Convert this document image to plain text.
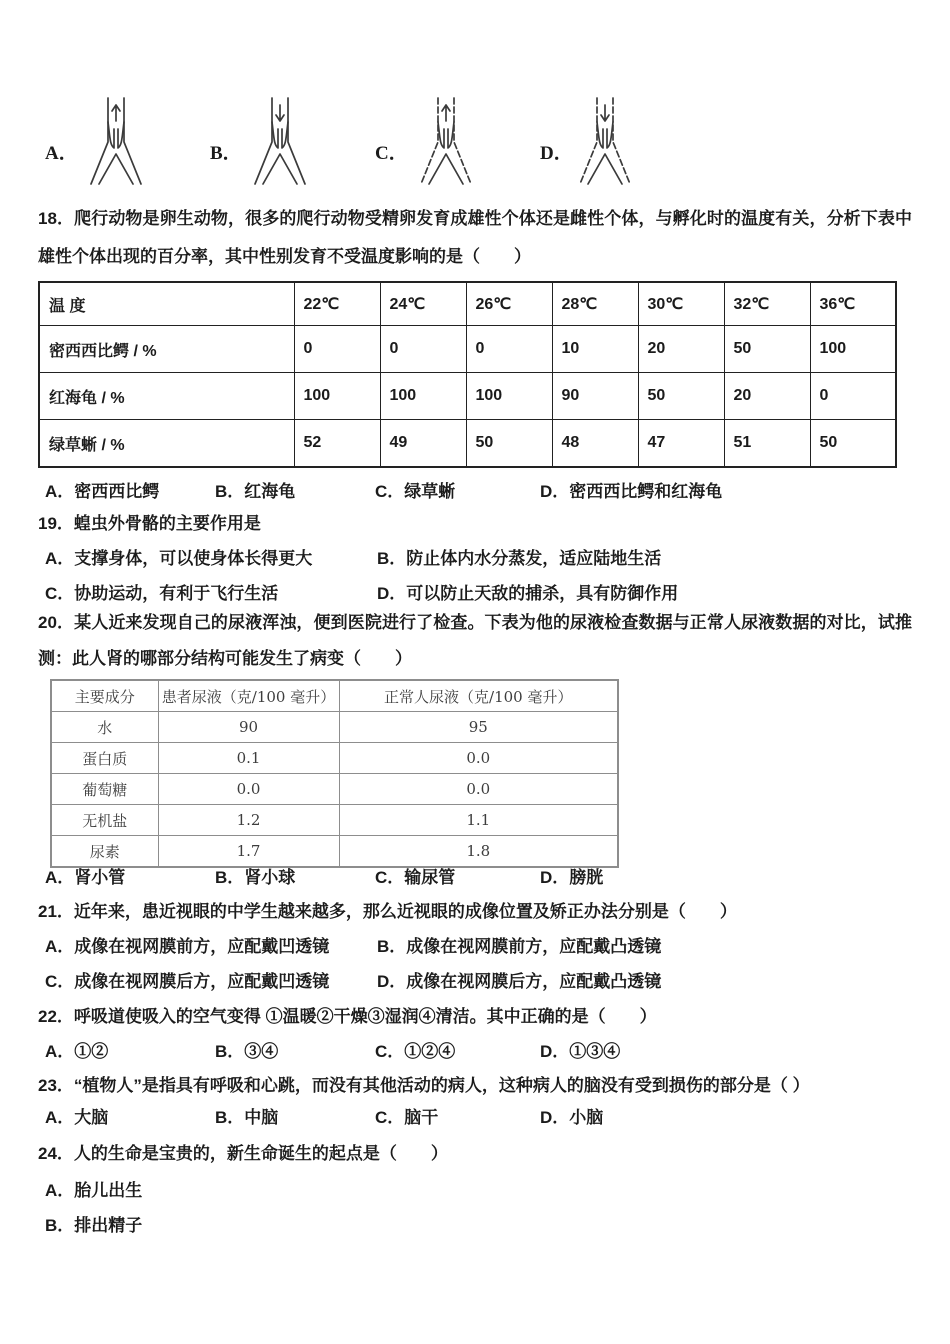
A．	B．	C．	D．
18．爬行动物是卵生动物，很多的爬行动物受精卵发育成雄性个体还是雌性个体，与孵化时的温度有关，分析下表中雄性个体出现的百分率，其中性别发育不受温度影响的是（　　）
温 度	22℃	24℃	26℃	28℃	30℃	32℃	36℃
密西西比鳄 / %	0	0	0	10	20	50	100
红海龟 / %	100	100	100	90	50	20	0
绿草蜥 / %	52	49	50	48	47	51	50
A．密西西比鳄	B．红海龟	C．绿草蜥	D．密西西比鳄和红海龟
19．蝗虫外骨骼的主要作用是
A．支撑身体，可以使身体长得更大	B．防止体内水分蒸发，适应陆地生活
C．协助运动，有利于飞行生活	D．可以防止天敌的捕杀，具有防御作用
20．某人近来发现自己的尿液浑浊，便到医院进行了检查。下表为他的尿液检查数据与正常人尿液数据的对比，试推测：此人肾的哪部分结构可能发生了病变（　　）
主要成分	患者尿液（克/100 毫升）	正常人尿液（克/100 毫升）
水	90	95
蛋白质	0.1	0.0
葡萄糖	0.0	0.0
无机盐	1.2	1.1
尿素	1.7	1.8
A．肾小管	B．肾小球	C．输尿管	D．膀胱
21．近年来，患近视眼的中学生越来越多，那么近视眼的成像位置及矫正办法分别是（　　）
A．成像在视网膜前方，应配戴凹透镜	B．成像在视网膜前方，应配戴凸透镜
C．成像在视网膜后方，应配戴凹透镜	D．成像在视网膜后方，应配戴凸透镜
22．呼吸道使吸入的空气变得 ①温暖②干燥③湿润④清洁。其中正确的是（　　）
A．①②	B．③④	C．①②④	D．①③④
23．“植物人”是指具有呼吸和心跳，而没有其他活动的病人，这种病人的脑没有受到损伤的部分是（ ）
A．大脑	B．中脑	C．脑干	D．小脑
24．人的生命是宝贵的，新生命诞生的起点是（　　）
A．胎儿出生
B．排出精子
